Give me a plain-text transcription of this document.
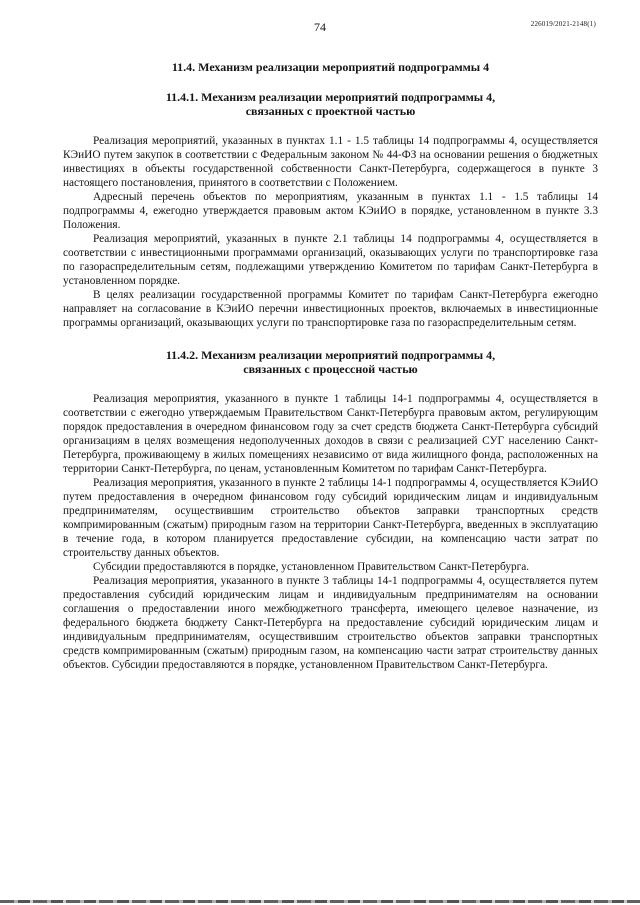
74	226019/2021-2148(1)
11.4. Механизм реализации мероприятий подпрограммы 4
11.4.1. Механизм реализации мероприятий подпрограммы 4,
связанных с проектной частью

Реализация мероприятий, указанных в пунктах 1.1 - 1.5 таблицы 14 подпрограммы 4, осуществляется КЭиИО путем закупок в соответствии с Федеральным законом № 44-ФЗ на основании решения о бюджетных инвестициях в объекты государственной собственности Санкт-Петербурга, содержащегося в пункте 3 настоящего постановления, принятого в соответствии с Положением.

Адресный перечень объектов по мероприятиям, указанным в пунктах 1.1 - 1.5 таблицы 14 подпрограммы 4, ежегодно утверждается правовым актом КЭиИО в порядке, установленном в пункте 3.3 Положения.

Реализация мероприятий, указанных в пункте 2.1 таблицы 14 подпрограммы 4, осуществляется в соответствии с инвестиционными программами организаций, оказывающих услуги по транспортировке газа по газораспределительным сетям, подлежащими утверждению Комитетом по тарифам Санкт-Петербурга в установленном порядке.

В целях реализации государственной программы Комитет по тарифам Санкт-Петербурга ежегодно направляет на согласование в КЭиИО перечни инвестиционных проектов, включаемых в инвестиционные программы организаций, оказывающих услуги по транспортировке газа по газораспределительным сетям.

11.4.2. Механизм реализации мероприятий подпрограммы 4,
связанных с процессной частью

Реализация мероприятия, указанного в пункте 1 таблицы 14-1 подпрограммы 4, осуществляется в соответствии с ежегодно утверждаемым Правительством Санкт-Петербурга правовым актом, регулирующим порядок предоставления в очередном финансовом году за счет средств бюджета Санкт-Петербурга субсидий организациям в целях возмещения недополученных доходов в связи с реализацией СУГ населению Санкт-Петербурга, проживающему в жилых помещениях независимо от вида жилищного фонда, расположенных на территории Санкт-Петербурга, по ценам, установленным Комитетом по тарифам Санкт-Петербурга.

Реализация мероприятия, указанного в пункте 2 таблицы 14-1 подпрограммы 4, осуществляется КЭиИО путем предоставления в очередном финансовом году субсидий юридическим лицам и индивидуальным предпринимателям, осуществившим строительство объектов заправки транспортных средств компримированным (сжатым) природным газом на территории Санкт-Петербурга, введенных в эксплуатацию в течение года, в котором планируется предоставление субсидии, на компенсацию части затрат по строительству данных объектов.

Субсидии предоставляются в порядке, установленном Правительством Санкт-Петербурга.

Реализация мероприятия, указанного в пункте 3 таблицы 14-1 подпрограммы 4, осуществляется путем предоставления субсидий юридическим лицам и индивидуальным предпринимателям на основании соглашения о предоставлении иного межбюджетного трансферта, имеющего целевое назначение, из федерального бюджета бюджету Санкт-Петербурга на предоставление субсидий юридическим лицам и индивидуальным предпринимателям, осуществившим строительство объектов заправки транспортных средств компримированным (сжатым) природным газом, на компенсацию части затрат строительству данных объектов. Субсидии предоставляются в порядке, установленном Правительством Санкт-Петербурга.
